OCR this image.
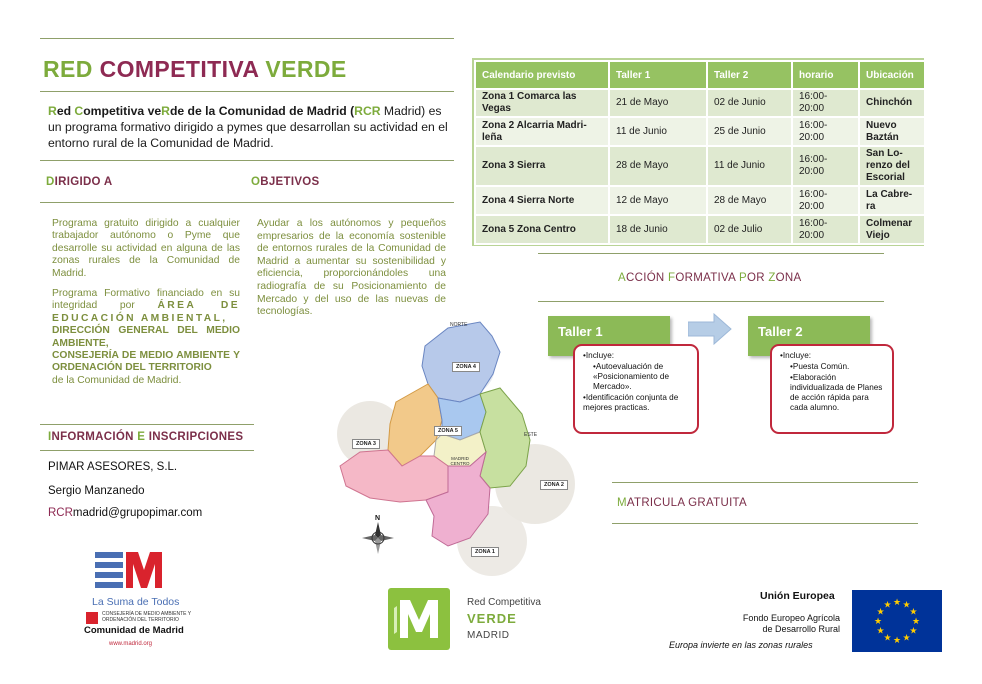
RED COMPETITIVA VERDE
Red Competitiva veRde de la Comunidad de Madrid (RCR Madrid) es un programa formativo dirigido a pymes que desarrollan su actividad en el entorno rural de la Comunidad de Madrid.
DIRIGIDO A	OBJETIVOS

Programa gratuito dirigido a cualquier trabajador autónomo o Pyme que desarrolle su actividad en alguna de las zonas rurales de la Comunidad de Madrid.

Programa Formativo financiado en su integridad por ÁREA DE EDUCACIÓN AMBIENTAL,
DIRECCIÓN GENERAL DEL MEDIO AMBIENTE,
CONSEJERÍA DE MEDIO AMBIENTE Y ORDENACIÓN DEL TERRITORIO
de la Comunidad de Madrid.

Ayudar a los autónomos y pequeños empresarios de la economía sostenible de entornos rurales de la Comunidad de Madrid a aumentar su sostenibilidad y eficiencia, proporcionándoles una radiografía de su Posicionamiento de Mercado y del uso de las nuevas de tecnologías.
INFORMACIÓN E INSCRIPCIONES
PIMAR ASESORES, S.L.
Sergio Manzanedo
RCRmadrid@grupopimar.com
La Suma de Todos
CONSEJERÍA DE MEDIO AMBIENTE Y ORDENACIÓN DEL TERRITORIO
Comunidad de Madrid
www.madrid.org
Calendario previsto	Taller 1	Taller 2	horario	Ubicación
Zona 1 Comarca las Vegas	21 de Mayo	02 de Junio	16:00-20:00	Chinchón
Zona 2 Alcarria Madri-leña	11 de Junio	25 de Junio	16:00-20:00	Nuevo Baztán
Zona 3 Sierra	28 de Mayo	11 de Junio	16:00-20:00	San Lo-renzo del Escorial
Zona 4 Sierra Norte	12 de Mayo	28 de Mayo	16:00-20:00	La Cabre-ra
Zona 5 Zona Centro	18 de Junio	02 de Julio	16:00-20:00	Colmenar Viejo
ACCIÓN FORMATIVA POR ZONA
Taller 1	Taller 2
•Incluye:
•Autoevaluación de «Posicionamiento de Mercado».
•Identificación conjunta de mejores practicas.
•Incluye:
•Puesta Común.
•Elaboración individualizada de Planes de acción rápida para cada alumno.
MATRICULA GRATUITA
NORTE
ESTE
MADRID CENTRO
N
ZONA 1
ZONA 2
ZONA 3
ZONA 4
ZONA 5
Red Competitiva
VERDE
MADRID
Unión Europea
Fondo Europeo Agrícola
de Desarrollo Rural
Europa invierte en las zonas rurales
★ ★
★
★
★
★
★
★
★
★
★
★
